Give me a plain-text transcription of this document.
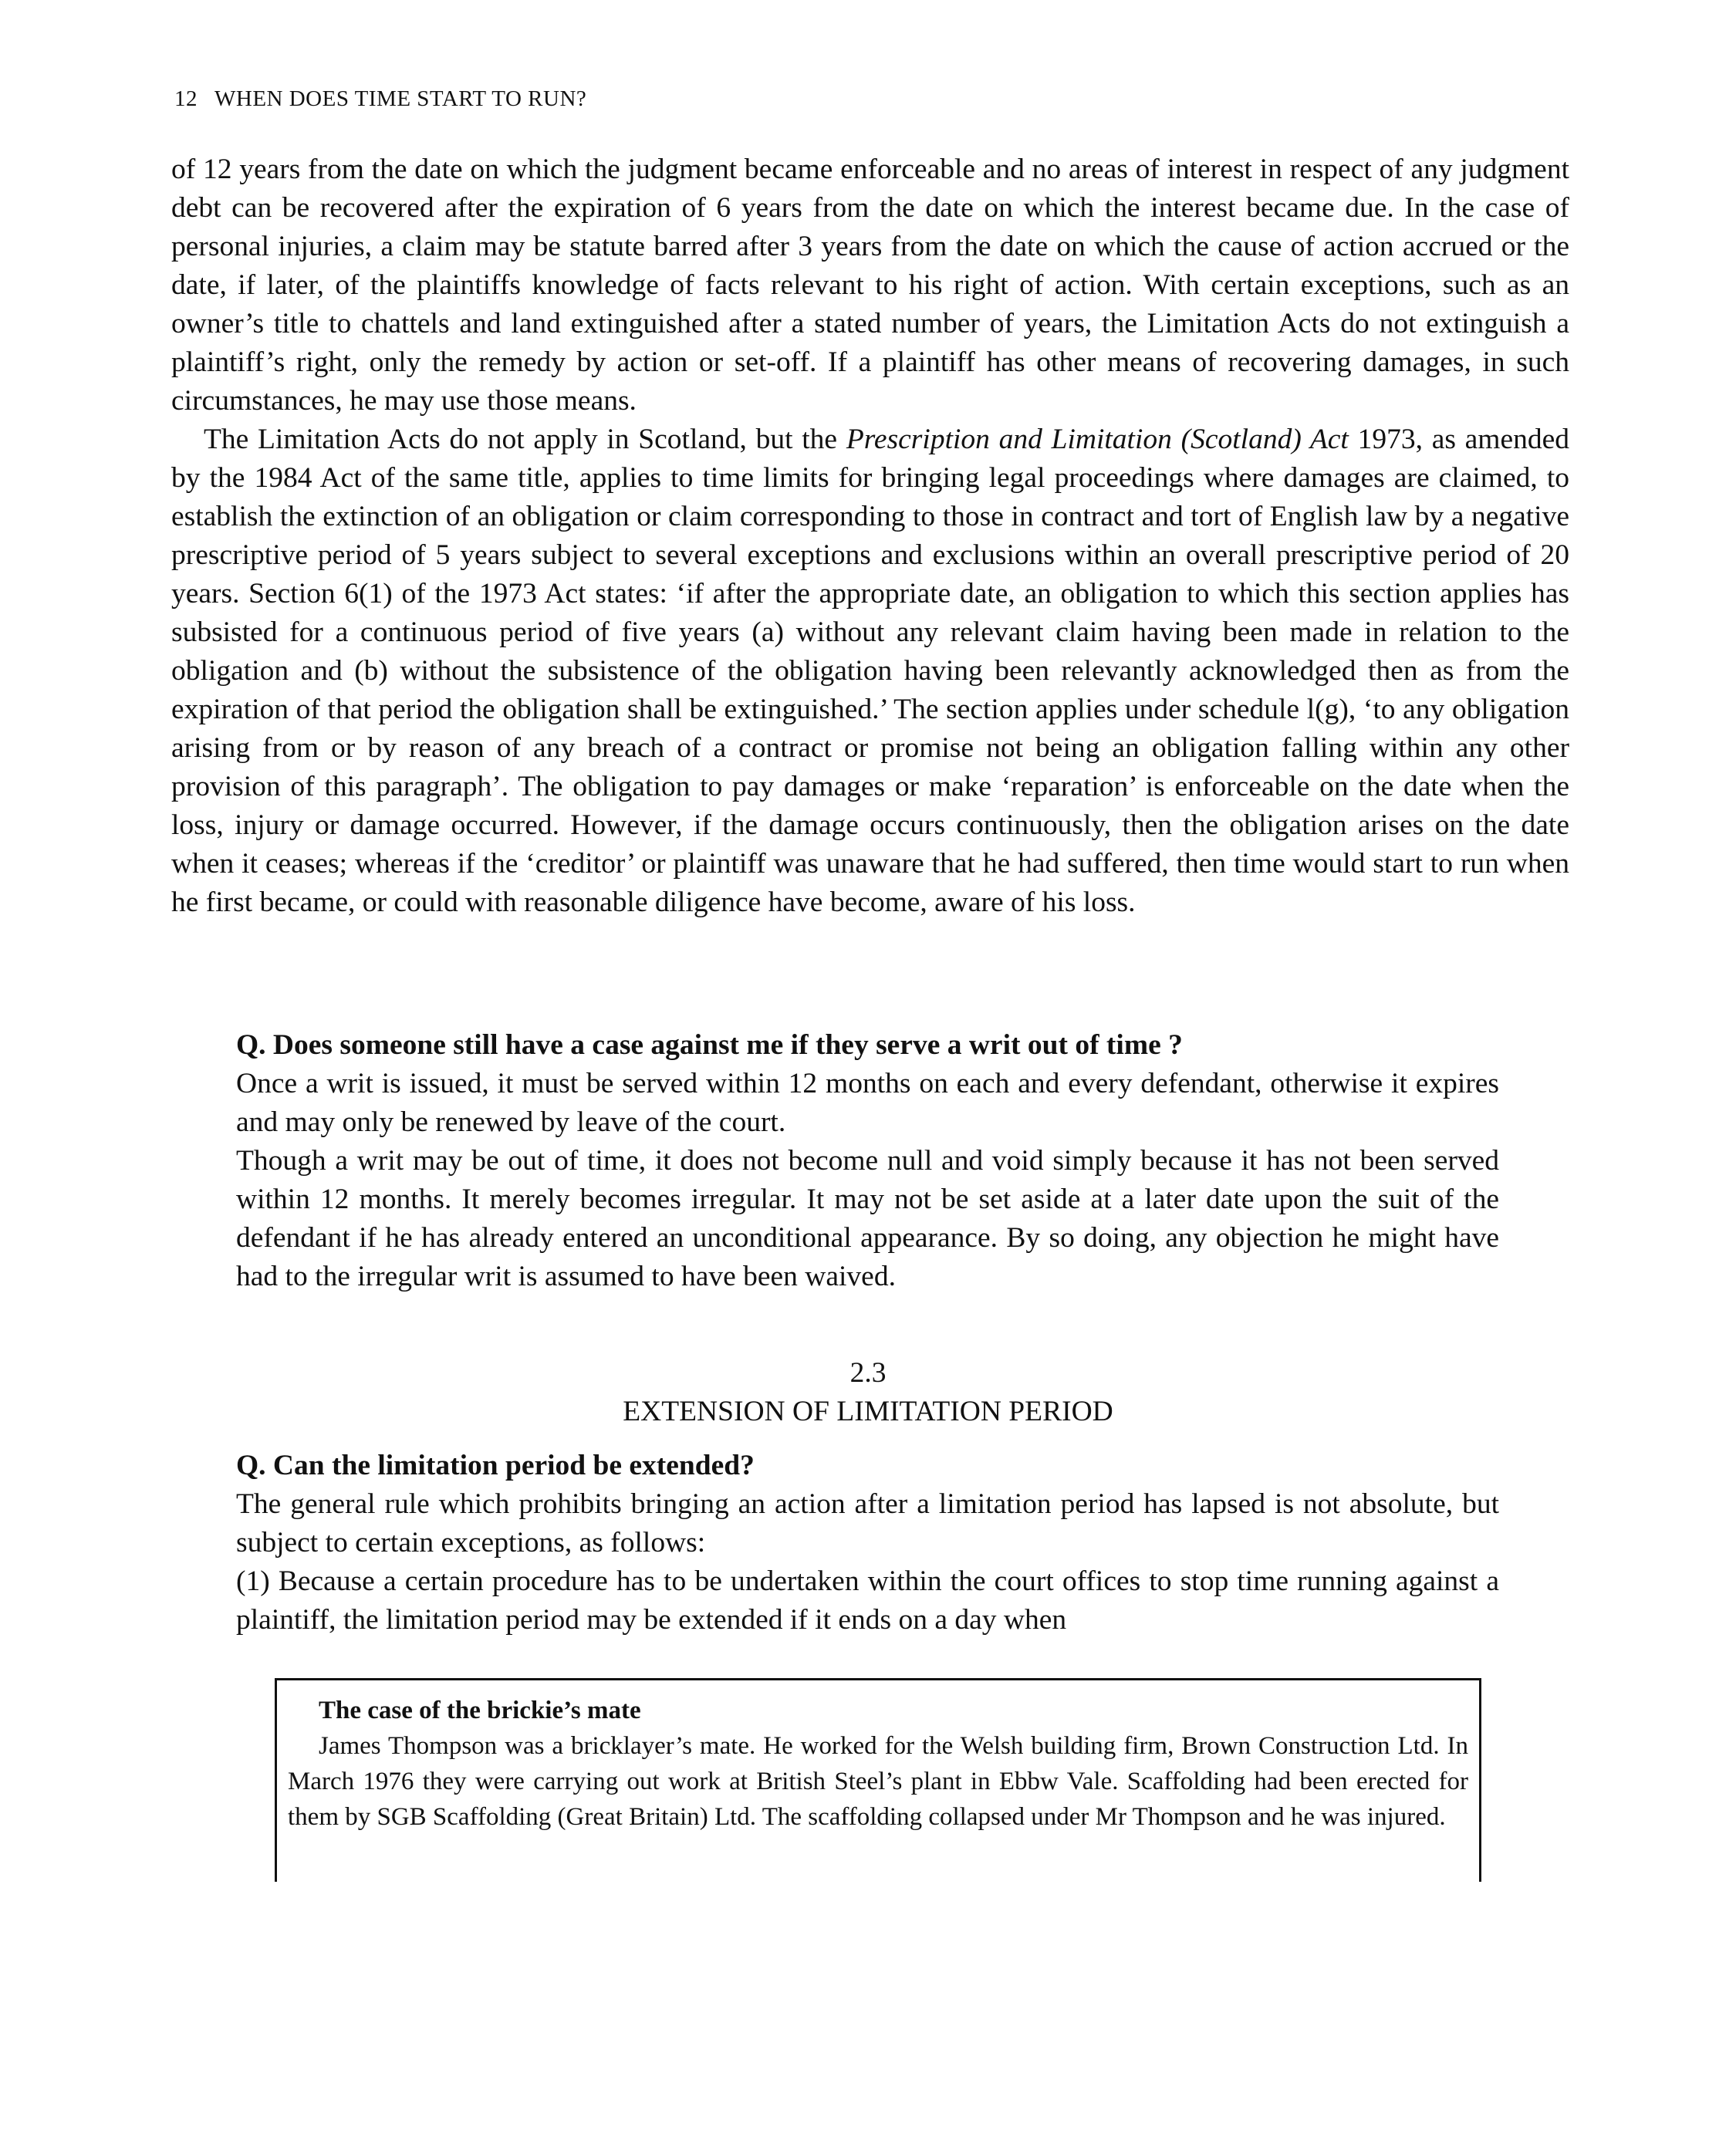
12 WHEN DOES TIME START TO RUN?

of 12 years from the date on which the judgment became enforceable and no areas of interest in respect of any judgment debt can be recovered after the expiration of 6 years from the date on which the interest became due. In the case of personal injuries, a claim may be statute barred after 3 years from the date on which the cause of action accrued or the date, if later, of the plaintiffs knowledge of facts relevant to his right of action. With certain exceptions, such as an owner’s title to chattels and land extinguished after a stated number of years, the Limitation Acts do not extinguish a plaintiff’s right, only the remedy by action or set-off. If a plaintiff has other means of recovering damages, in such circumstances, he may use those means.

The Limitation Acts do not apply in Scotland, but the Prescription and Limitation (Scotland) Act 1973, as amended by the 1984 Act of the same title, applies to time limits for bringing legal proceedings where damages are claimed, to establish the extinction of an obligation or claim corresponding to those in contract and tort of English law by a negative prescriptive period of 5 years subject to several exceptions and exclusions within an overall prescriptive period of 20 years. Section 6(1) of the 1973 Act states: ‘if after the appropriate date, an obligation to which this section applies has subsisted for a continuous period of five years (a) without any relevant claim having been made in relation to the obligation and (b) without the subsistence of the obligation having been relevantly acknowledged then as from the expiration of that period the obligation shall be extinguished.’ The section applies under schedule l(g), ‘to any obligation arising from or by reason of any breach of a contract or promise not being an obligation falling within any other provision of this paragraph’. The obligation to pay damages or make ‘reparation’ is enforceable on the date when the loss, injury or damage occurred. However, if the damage occurs continuously, then the obligation arises on the date when it ceases; whereas if the ‘creditor’ or plaintiff was unaware that he had suffered, then time would start to run when he first became, or could with reasonable diligence have become, aware of his loss.

Q. Does someone still have a case against me if they serve a writ out of time ?

Once a writ is issued, it must be served within 12 months on each and every defendant, otherwise it expires and may only be renewed by leave of the court.

Though a writ may be out of time, it does not become null and void simply because it has not been served within 12 months. It merely becomes irregular. It may not be set aside at a later date upon the suit of the defendant if he has already entered an unconditional appearance. By so doing, any objection he might have had to the irregular writ is assumed to have been waived.

2.3
EXTENSION OF LIMITATION PERIOD

Q. Can the limitation period be extended?

The general rule which prohibits bringing an action after a limitation period has lapsed is not absolute, but subject to certain exceptions, as follows:

(1) Because a certain procedure has to be undertaken within the court offices to stop time running against a plaintiff, the limitation period may be extended if it ends on a day when

The case of the brickie’s mate

James Thompson was a bricklayer’s mate. He worked for the Welsh building firm, Brown Construction Ltd. In March 1976 they were carrying out work at British Steel’s plant in Ebbw Vale. Scaffolding had been erected for them by SGB Scaffolding (Great Britain) Ltd. The scaffolding collapsed under Mr Thompson and he was injured.
